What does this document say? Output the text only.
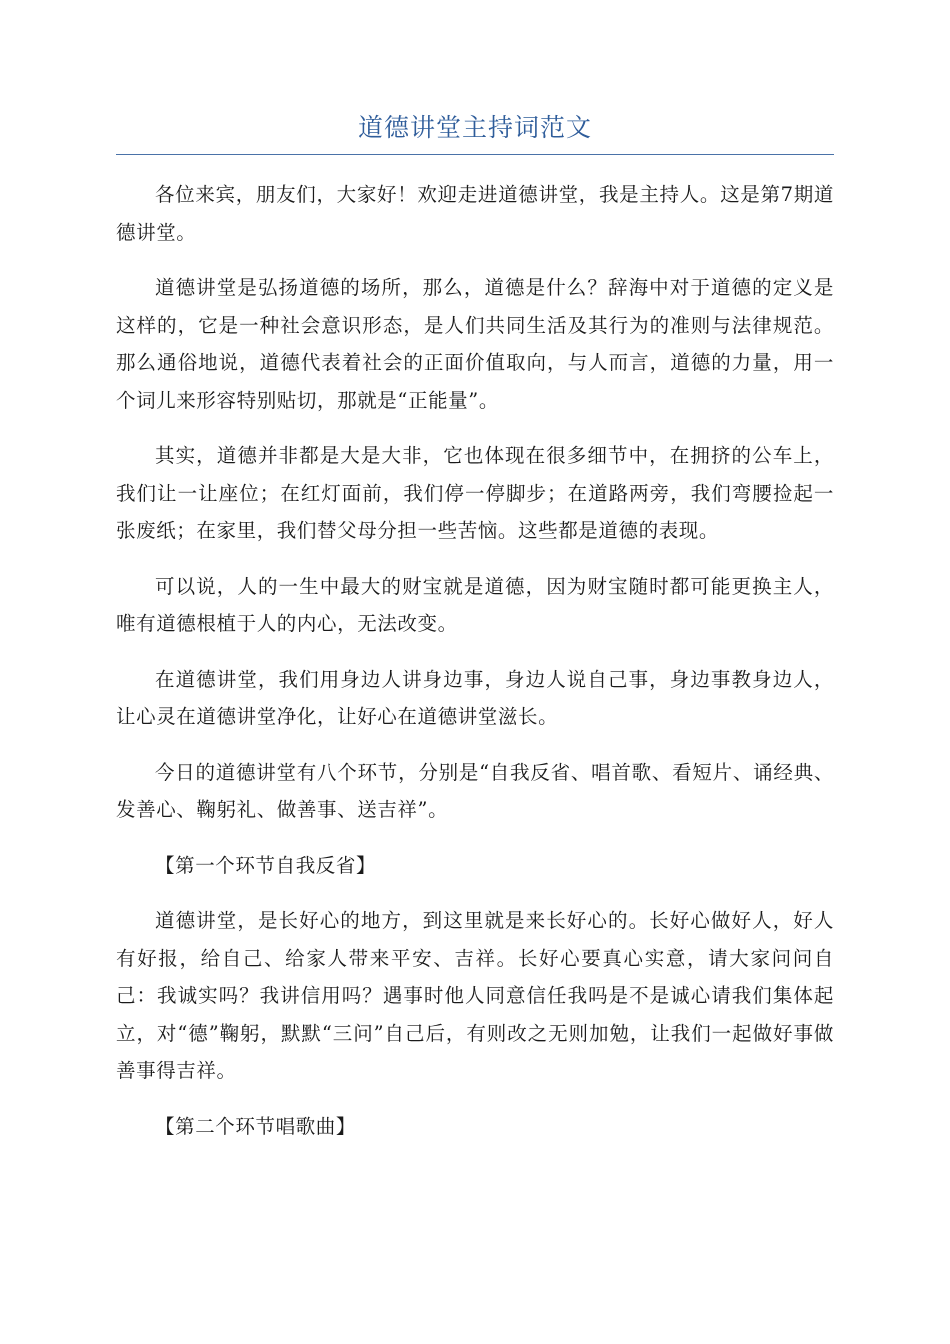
道德讲堂主持词范文

各位来宾，朋友们，大家好！欢迎走进道德讲堂，我是主持人。这是第7期道德讲堂。

道德讲堂是弘扬道德的场所，那么，道德是什么？辞海中对于道德的定义是这样的，它是一种社会意识形态，是人们共同生活及其行为的准则与法律规范。那么通俗地说，道德代表着社会的正面价值取向，与人而言，道德的力量，用一个词儿来形容特别贴切，那就是“正能量”。

其实，道德并非都是大是大非，它也体现在很多细节中，在拥挤的公车上，我们让一让座位；在红灯面前，我们停一停脚步；在道路两旁，我们弯腰捡起一张废纸；在家里，我们替父母分担一些苦恼。这些都是道德的表现。

可以说，人的一生中最大的财宝就是道德，因为财宝随时都可能更换主人，唯有道德根植于人的内心，无法改变。

在道德讲堂，我们用身边人讲身边事，身边人说自己事，身边事教身边人，让心灵在道德讲堂净化，让好心在道德讲堂滋长。

今日的道德讲堂有八个环节，分别是“自我反省、唱首歌、看短片、诵经典、发善心、鞠躬礼、做善事、送吉祥”。

【第一个环节自我反省】

道德讲堂，是长好心的地方，到这里就是来长好心的。长好心做好人，好人有好报，给自己、给家人带来平安、吉祥。长好心要真心实意，请大家问问自己：我诚实吗？我讲信用吗？遇事时他人同意信任我吗是不是诚心请我们集体起立，对“德”鞠躬，默默“三问”自己后，有则改之无则加勉，让我们一起做好事做善事得吉祥。

【第二个环节唱歌曲】
